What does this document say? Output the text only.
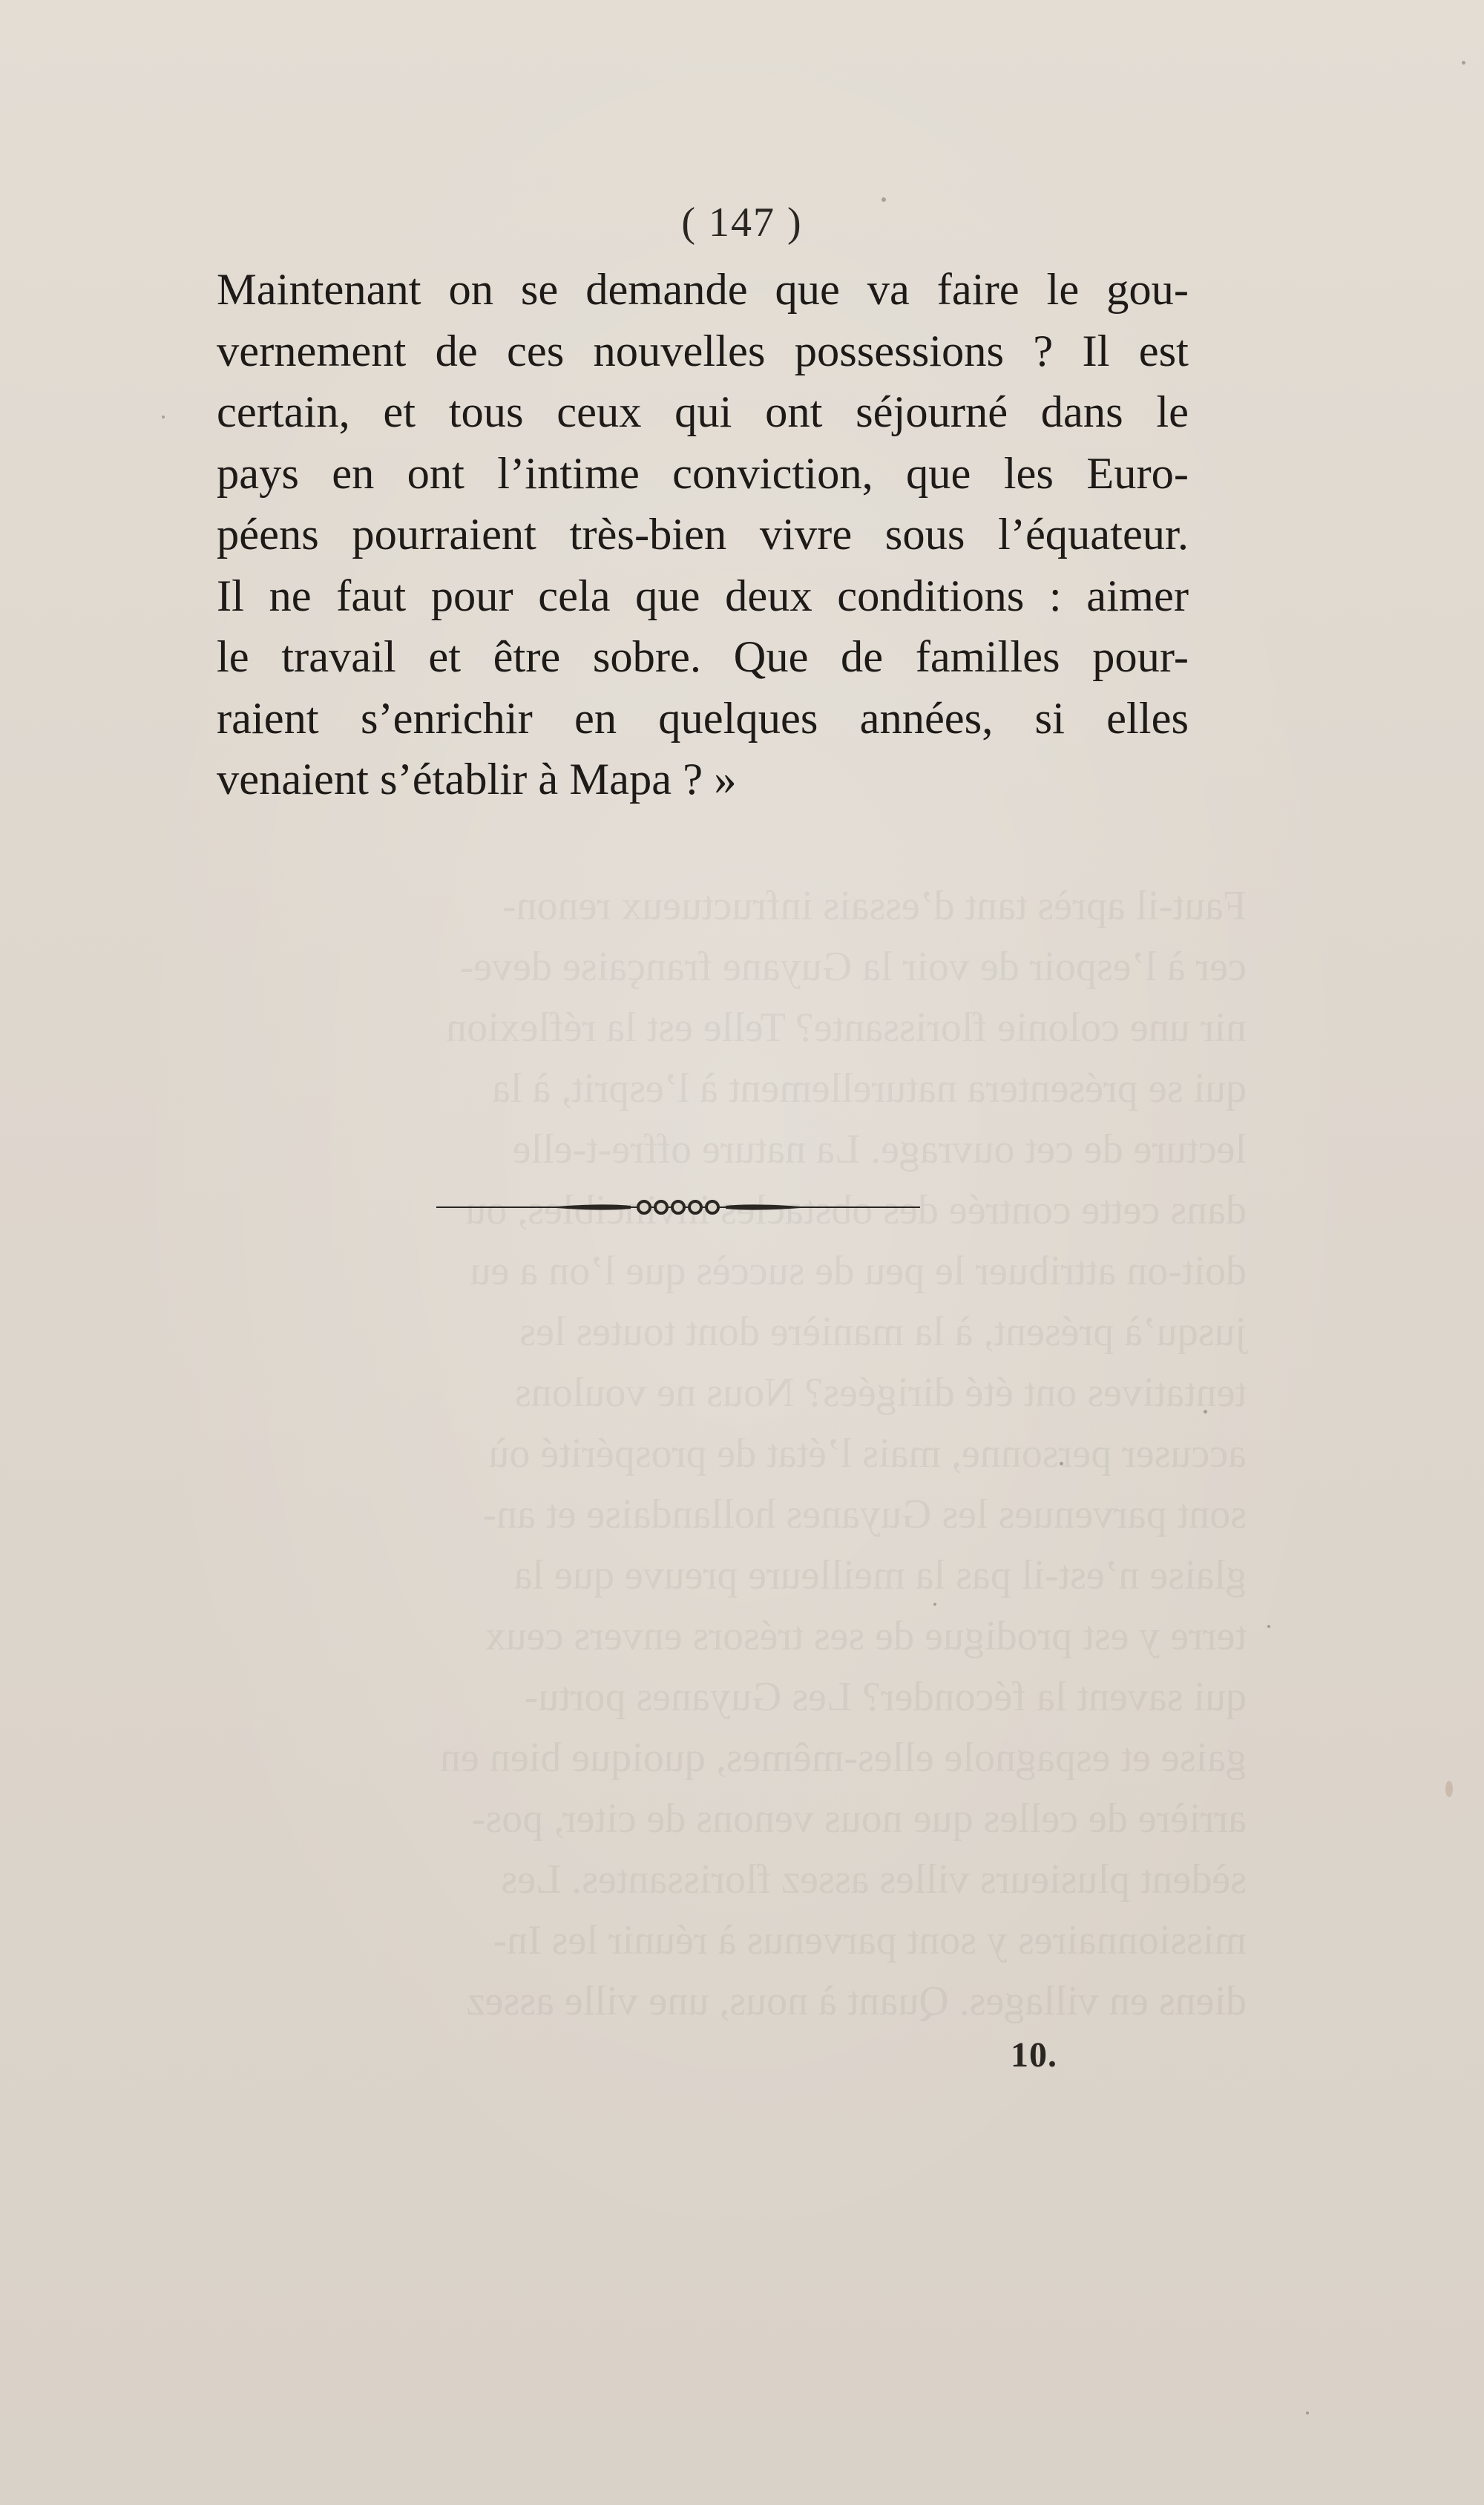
Faut-il après tant d’essais infructueux renon-
cer à l’espoir de voir la Guyane française deve-
nir une colonie florissante? Telle est la réflexion
qui se présentera naturellement à l’esprit, à la
lecture de cet ouvrage. La nature offre-t-elle
dans cette contrée des obstacles invincibles, ou
doit-on attribuer le peu de succès que l’on a eu
jusqu’à présent, à la manière dont toutes les
tentatives ont été dirigées? Nous ne voulons
accuser personne, mais l’état de prospérité où
sont parvenues les Guyanes hollandaise et an-
glaise n’est-il pas la meilleure preuve que la
terre y est prodigue de ses trésors envers ceux
qui savent la féconder? Les Guyanes portu-
gaise et espagnole elles-mêmes, quoique bien en
arrière de celles que nous venons de citer, pos-
sèdent plusieurs villes assez florissantes. Les
missionnaires y sont parvenus à réunir les In-
diens en villages. Quant à nous, une ville assez
( 147 )
Maintenant on se demande que va faire le gou-
vernement de ces nouvelles possessions ? Il est
certain, et tous ceux qui ont séjourné dans le
pays en ont l’intime conviction, que les Euro-
péens pourraient très-bien vivre sous l’équateur.
Il ne faut pour cela que deux conditions : aimer
le travail et être sobre. Que de familles pour-
raient s’enrichir en quelques années, si elles
venaient s’établir à Mapa ? »
10.
